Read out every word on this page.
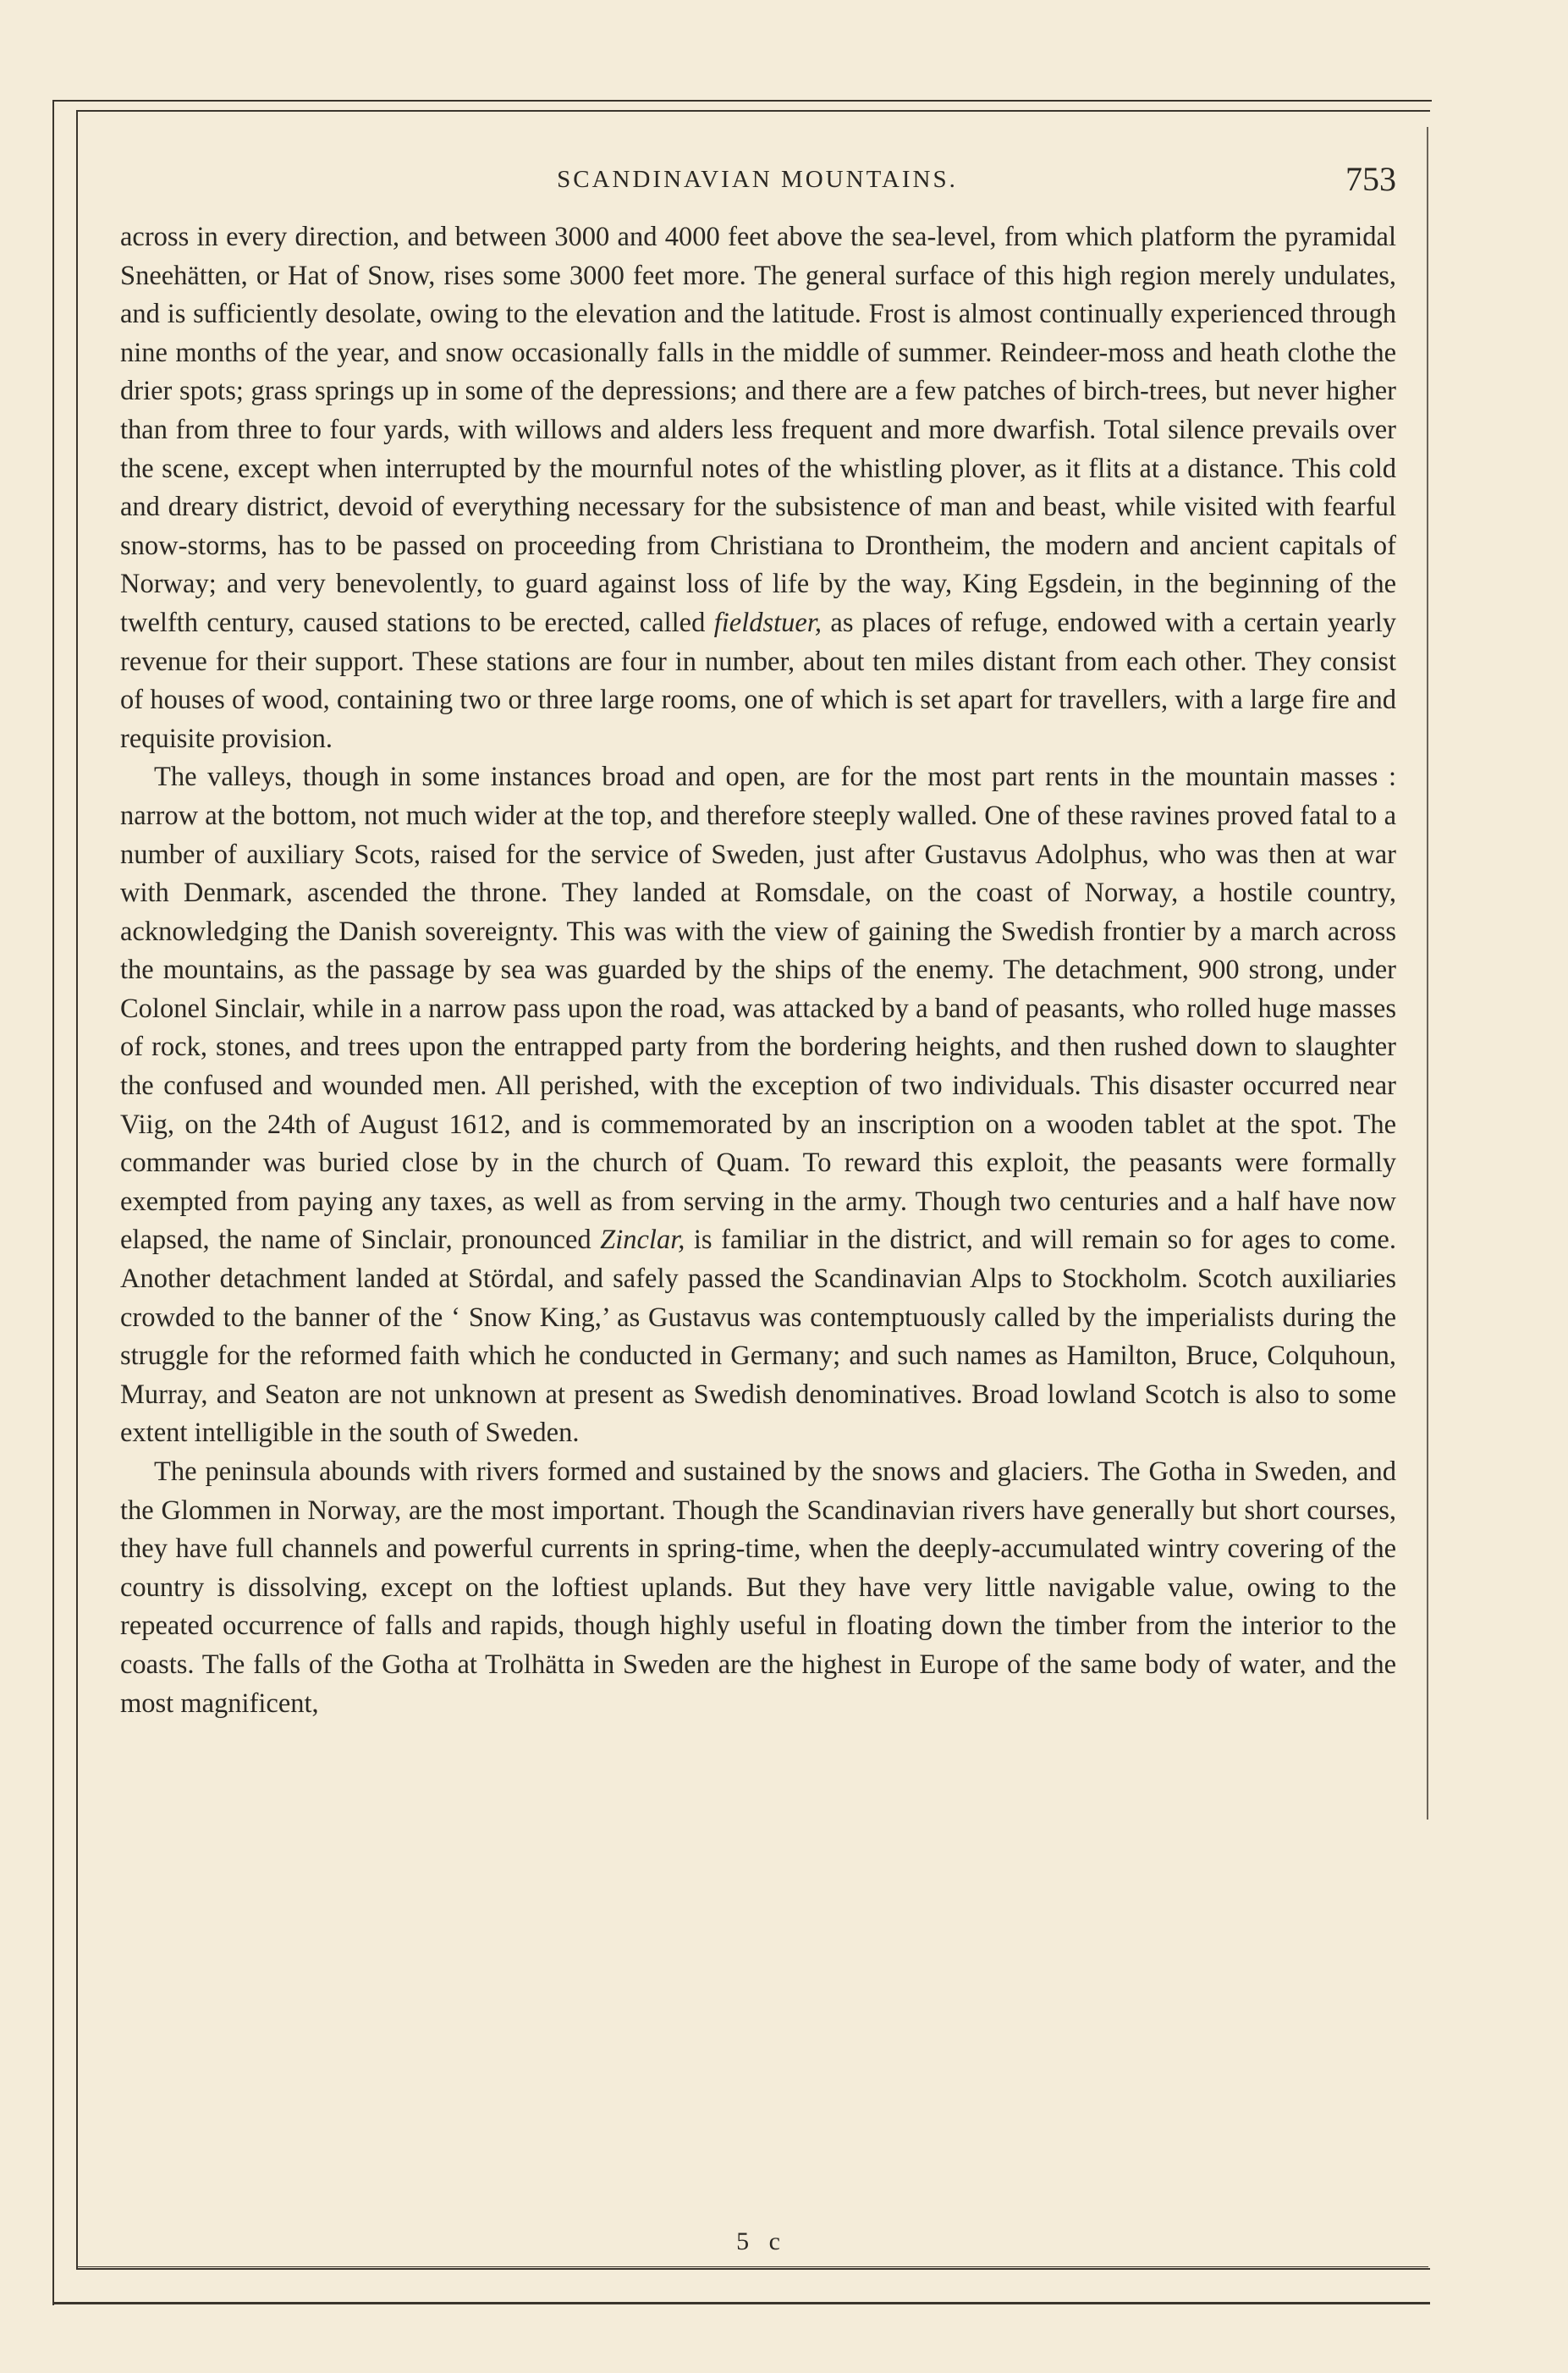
SCANDINAVIAN MOUNTAINS.	753

across in every direction, and between 3000 and 4000 feet above the sea-level, from which platform the pyramidal Sneehätten, or Hat of Snow, rises some 3000 feet more. The general surface of this high region merely undulates, and is sufficiently desolate, owing to the elevation and the latitude. Frost is almost continually experienced through nine months of the year, and snow occasionally falls in the middle of summer. Reindeer-moss and heath clothe the drier spots; grass springs up in some of the depressions; and there are a few patches of birch-trees, but never higher than from three to four yards, with willows and alders less frequent and more dwarfish. Total silence prevails over the scene, except when interrupted by the mournful notes of the whistling plover, as it flits at a distance. This cold and dreary district, devoid of everything necessary for the subsistence of man and beast, while visited with fearful snow-storms, has to be passed on proceeding from Christiana to Drontheim, the modern and ancient capitals of Norway; and very benevolently, to guard against loss of life by the way, King Egsdein, in the beginning of the twelfth century, caused stations to be erected, called fieldstuer, as places of refuge, endowed with a certain yearly revenue for their support. These stations are four in number, about ten miles distant from each other. They consist of houses of wood, containing two or three large rooms, one of which is set apart for travellers, with a large fire and requisite provision.

The valleys, though in some instances broad and open, are for the most part rents in the mountain masses : narrow at the bottom, not much wider at the top, and therefore steeply walled. One of these ravines proved fatal to a number of auxiliary Scots, raised for the service of Sweden, just after Gustavus Adolphus, who was then at war with Denmark, ascended the throne. They landed at Romsdale, on the coast of Norway, a hostile country, acknowledging the Danish sovereignty. This was with the view of gaining the Swedish frontier by a march across the mountains, as the passage by sea was guarded by the ships of the enemy. The detachment, 900 strong, under Colonel Sinclair, while in a narrow pass upon the road, was attacked by a band of peasants, who rolled huge masses of rock, stones, and trees upon the entrapped party from the bordering heights, and then rushed down to slaughter the confused and wounded men. All perished, with the exception of two individuals. This disaster occurred near Viig, on the 24th of August 1612, and is commemorated by an inscription on a wooden tablet at the spot. The commander was buried close by in the church of Quam. To reward this exploit, the peasants were formally exempted from paying any taxes, as well as from serving in the army. Though two centuries and a half have now elapsed, the name of Sinclair, pronounced Zinclar, is familiar in the district, and will remain so for ages to come. Another detachment landed at Stördal, and safely passed the Scandinavian Alps to Stockholm. Scotch auxiliaries crowded to the banner of the ‘ Snow King,’ as Gustavus was contemptuously called by the imperialists during the struggle for the reformed faith which he conducted in Germany; and such names as Hamilton, Bruce, Colquhoun, Murray, and Seaton are not unknown at present as Swedish denominatives. Broad lowland Scotch is also to some extent intelligible in the south of Sweden.

The peninsula abounds with rivers formed and sustained by the snows and glaciers. The Gotha in Sweden, and the Glommen in Norway, are the most important. Though the Scandinavian rivers have generally but short courses, they have full channels and powerful currents in spring-time, when the deeply-accumulated wintry covering of the country is dissolving, except on the loftiest uplands. But they have very little navigable value, owing to the repeated occurrence of falls and rapids, though highly useful in floating down the timber from the interior to the coasts. The falls of the Gotha at Trolhätta in Sweden are the highest in Europe of the same body of water, and the most magnificent,

5 c
